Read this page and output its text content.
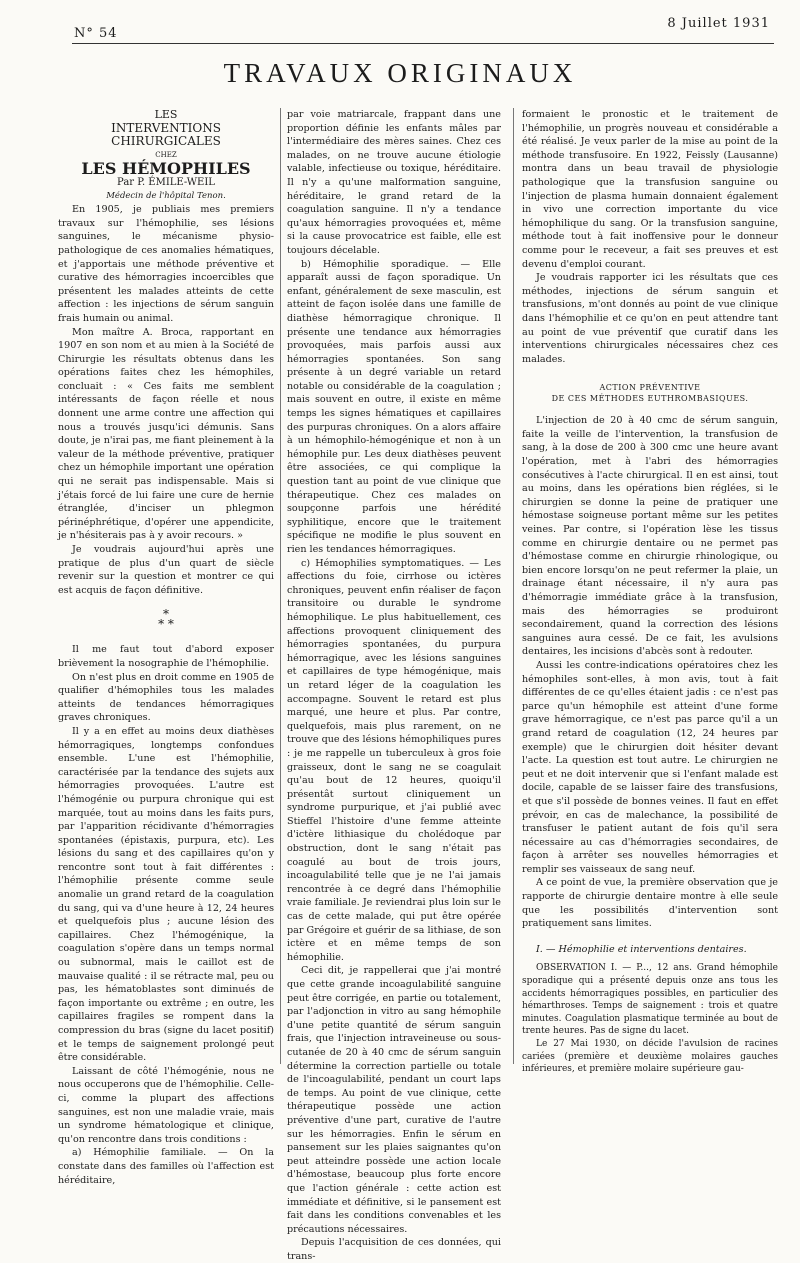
N° 54
8 Juillet 1931
TRAVAUX ORIGINAUX

LES

INTERVENTIONS CHIRURGICALES

CHEZ

LES HÉMOPHILES

Par P. ÉMILE-WEIL

Médecin de l'hôpital Tenon.

En 1905, je publiais mes premiers travaux sur l'hémophilie, ses lésions sanguines, le mécanisme physio-pathologique de ces anomalies hématiques, et j'apportais une méthode préventive et curative des hémorragies incoercibles que présentent les malades atteints de cette affection : les injections de sérum sanguin frais humain ou animal.

Mon maître A. Broca, rapportant en 1907 en son nom et au mien à la Société de Chirurgie les résultats obtenus dans les opérations faites chez les hémophiles, concluait : « Ces faits me semblent intéressants de façon réelle et nous donnent une arme contre une affection qui nous a trouvés jusqu'ici démunis. Sans doute, je n'irai pas, me fiant pleinement à la valeur de la méthode préventive, pratiquer chez un hémophile important une opération qui ne serait pas indispensable. Mais si j'étais forcé de lui faire une cure de hernie étranglée, d'inciser un phlegmon périnéphrétique, d'opérer une appendicite, je n'hésiterais pas à y avoir recours. »

Je voudrais aujourd'hui après une pratique de plus d'un quart de siècle revenir sur la question et montrer ce qui est acquis de façon définitive.

*
* *

Il me faut tout d'abord exposer brièvement la nosographie de l'hémophilie.

On n'est plus en droit comme en 1905 de qualifier d'hémophiles tous les malades atteints de tendances hémorragiques graves chroniques.

Il y a en effet au moins deux diathèses hémorragiques, longtemps confondues ensemble. L'une est l'hémophilie, caractérisée par la tendance des sujets aux hémorragies provoquées. L'autre est l'hémogénie ou purpura chronique qui est marquée, tout au moins dans les faits purs, par l'apparition récidivante d'hémorragies spontanées (épistaxis, purpura, etc). Les lésions du sang et des capillaires qu'on y rencontre sont tout à fait différentes : l'hémophilie présente comme seule anomalie un grand retard de la coagulation du sang, qui va d'une heure à 12, 24 heures et quelquefois plus ; aucune lésion des capillaires. Chez l'hémogénique, la coagulation s'opère dans un temps normal ou subnormal, mais le caillot est de mauvaise qualité : il se rétracte mal, peu ou pas, les hématoblastes sont diminués de façon importante ou extrême ; en outre, les capillaires fragiles se rompent dans la compression du bras (signe du lacet positif) et le temps de saignement prolongé peut être considérable.

Laissant de côté l'hémogénie, nous ne nous occuperons que de l'hémophilie. Celle-ci, comme la plupart des affections sanguines, est non une maladie vraie, mais un syndrome hématologique et clinique, qu'on rencontre dans trois conditions :

a) Hémophilie familiale. — On la constate dans des familles où l'affection est héréditaire,

par voie matriarcale, frappant dans une proportion définie les enfants mâles par l'intermédiaire des mères saines. Chez ces malades, on ne trouve aucune étiologie valable, infectieuse ou toxique, héréditaire. Il n'y a qu'une malformation sanguine, héréditaire, le grand retard de la coagulation sanguine. Il n'y a tendance qu'aux hémorragies provoquées et, même si la cause provocatrice est faible, elle est toujours décelable.

b) Hémophilie sporadique. — Elle apparaît aussi de façon sporadique. Un enfant, généralement de sexe masculin, est atteint de façon isolée dans une famille de diathèse hémorragique chronique. Il présente une tendance aux hémorragies provoquées, mais parfois aussi aux hémorragies spontanées. Son sang présente à un degré variable un retard notable ou considérable de la coagulation ; mais souvent en outre, il existe en même temps les signes hématiques et capillaires des purpuras chroniques. On a alors affaire à un hémophilo-hémogénique et non à un hémophile pur. Les deux diathèses peuvent être associées, ce qui complique la question tant au point de vue clinique que thérapeutique. Chez ces malades on soupçonne parfois une hérédité syphilitique, encore que le traitement spécifique ne modifie le plus souvent en rien les tendances hémorragiques.

c) Hémophilies symptomatiques. — Les affections du foie, cirrhose ou ictères chroniques, peuvent enfin réaliser de façon transitoire ou durable le syndrome hémophilique. Le plus habituellement, ces affections provoquent cliniquement des hémorragies spontanées, du purpura hémorragique, avec les lésions sanguines et capillaires de type hémogénique, mais un retard léger de la coagulation les accompagne. Souvent le retard est plus marqué, une heure et plus. Par contre, quelquefois, mais plus rarement, on ne trouve que des lésions hémophiliques pures : je me rappelle un tuberculeux à gros foie graisseux, dont le sang ne se coagulait qu'au bout de 12 heures, quoiqu'il présentât surtout cliniquement un syndrome purpurique, et j'ai publié avec Stieffel l'histoire d'une femme atteinte d'ictère lithiasique du cholédoque par obstruction, dont le sang n'était pas coagulé au bout de trois jours, incoagulabilité telle que je ne l'ai jamais rencontrée à ce degré dans l'hémophilie vraie familiale. Je reviendrai plus loin sur le cas de cette malade, qui put être opérée par Grégoire et guérir de sa lithiase, de son ictère et en même temps de son hémophilie.

Ceci dit, je rappellerai que j'ai montré que cette grande incoagulabilité sanguine peut être corrigée, en partie ou totalement, par l'adjonction in vitro au sang hémophile d'une petite quantité de sérum sanguin frais, que l'injection intraveineuse ou sous-cutanée de 20 à 40 cmc de sérum sanguin détermine la correction partielle ou totale de l'incoagulabilité, pendant un court laps de temps. Au point de vue clinique, cette thérapeutique possède une action préventive d'une part, curative de l'autre sur les hémorragies. Enfin le sérum en pansement sur les plaies saignantes qu'on peut atteindre possède une action locale d'hémostase, beaucoup plus forte encore que l'action générale : cette action est immédiate et définitive, si le pansement est fait dans les conditions convenables et les précautions nécessaires.

Depuis l'acquisition de ces données, qui trans-

formaient le pronostic et le traitement de l'hémophilie, un progrès nouveau et considérable a été réalisé. Je veux parler de la mise au point de la méthode transfusoire. En 1922, Feissly (Lausanne) montra dans un beau travail de physiologie pathologique que la transfusion sanguine ou l'injection de plasma humain donnaient également in vivo une correction importante du vice hémophilique du sang. Or la transfusion sanguine, méthode tout à fait inoffensive pour le donneur comme pour le receveur, a fait ses preuves et est devenu d'emploi courant.

Je voudrais rapporter ici les résultats que ces méthodes, injections de sérum sanguin et transfusions, m'ont donnés au point de vue clinique dans l'hémophilie et ce qu'on en peut attendre tant au point de vue préventif que curatif dans les interventions chirurgicales nécessaires chez ces malades.

ACTION PRÉVENTIVE
DE CES MÉTHODES EUTHROMBASIQUES.

L'injection de 20 à 40 cmc de sérum sanguin, faite la veille de l'intervention, la transfusion de sang, à la dose de 200 à 300 cmc une heure avant l'opération, met à l'abri des hémorragies consécutives à l'acte chirurgical. Il en est ainsi, tout au moins, dans les opérations bien réglées, si le chirurgien se donne la peine de pratiquer une hémostase soigneuse portant même sur les petites veines. Par contre, si l'opération lèse les tissus comme en chirurgie dentaire ou ne permet pas d'hémostase comme en chirurgie rhinologique, ou bien encore lorsqu'on ne peut refermer la plaie, un drainage étant nécessaire, il n'y aura pas d'hémorragie immédiate grâce à la transfusion, mais des hémorragies se produiront secondairement, quand la correction des lésions sanguines aura cessé. De ce fait, les avulsions dentaires, les incisions d'abcès sont à redouter.

Aussi les contre-indications opératoires chez les hémophiles sont-elles, à mon avis, tout à fait différentes de ce qu'elles étaient jadis : ce n'est pas parce qu'un hémophile est atteint d'une forme grave hémorragique, ce n'est pas parce qu'il a un grand retard de coagulation (12, 24 heures par exemple) que le chirurgien doit hésiter devant l'acte. La question est tout autre. Le chirurgien ne peut et ne doit intervenir que si l'enfant malade est docile, capable de se laisser faire des transfusions, et que s'il possède de bonnes veines. Il faut en effet prévoir, en cas de malechance, la possibilité de transfuser le patient autant de fois qu'il sera nécessaire au cas d'hémorragies secondaires, de façon à arrêter ses nouvelles hémorragies et remplir ses vaisseaux de sang neuf.

A ce point de vue, la première observation que je rapporte de chirurgie dentaire montre à elle seule que les possibilités d'intervention sont pratiquement sans limites.

I. — Hémophilie et interventions dentaires.

OBSERVATION I. — P..., 12 ans. Grand hémophile sporadique qui a présenté depuis onze ans tous les accidents hémorragiques possibles, en particulier des hémarthroses. Temps de saignement : trois et quatre minutes. Coagulation plasmatique terminée au bout de trente heures. Pas de signe du lacet.

Le 27 Mai 1930, on décide l'avulsion de racines cariées (première et deuxième molaires gauches inférieures, et première molaire supérieure gau-
